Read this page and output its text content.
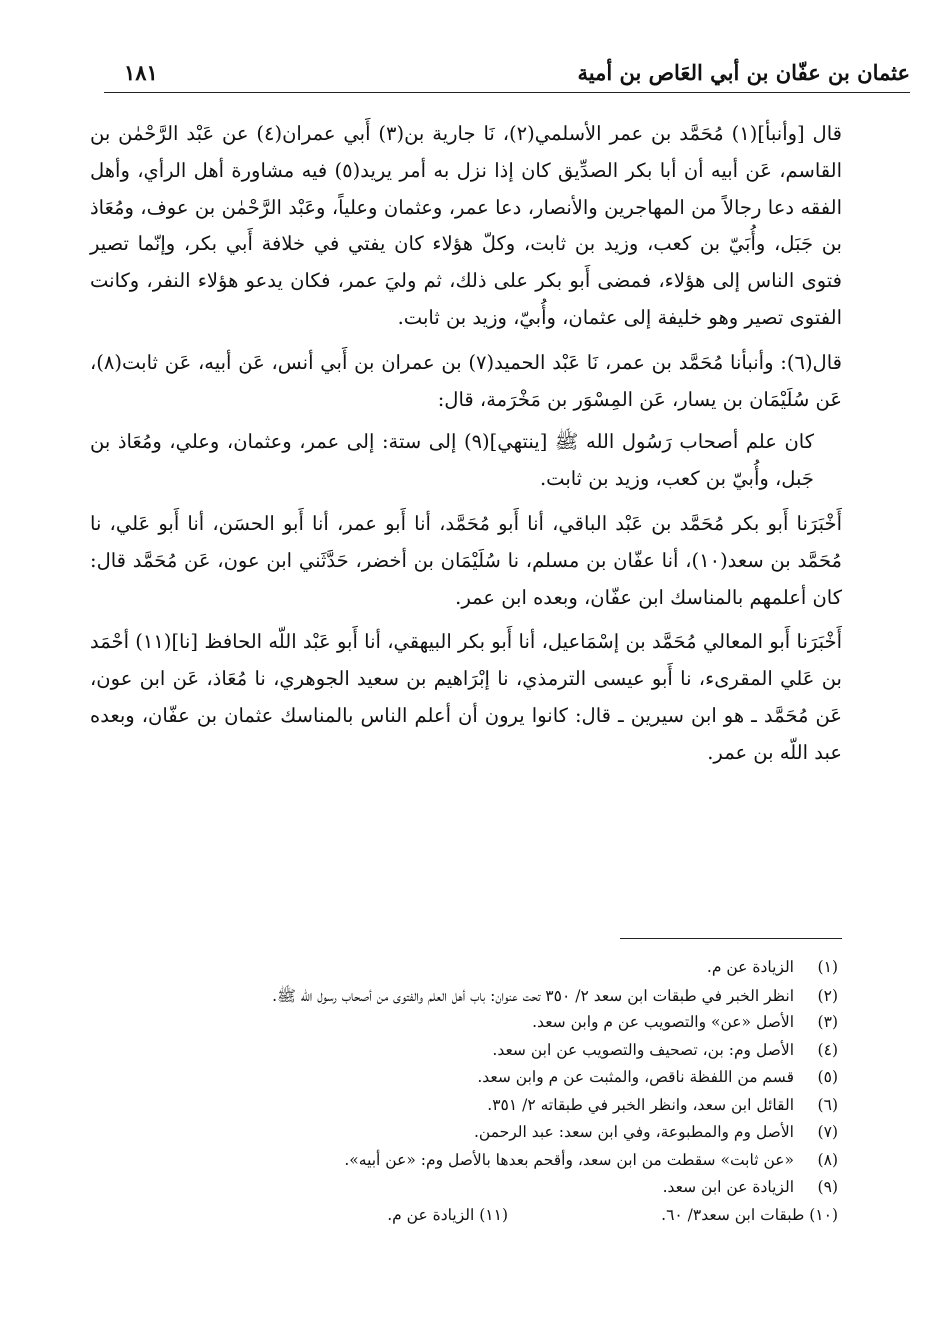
عثمان بن عفّان بن أبي العَاص بن أمية
١٨١

قال [وأنبأ](١) مُحَمَّد بن عمر الأسلمي(٢)، نَا جارية بن(٣) أَبي عمران(٤) عن عَبْد الرَّحْمٰن بن القاسم، عَن أبيه أن أبا بكر الصدِّيق كان إذا نزل به أمر يريد(٥) فيه مشاورة أهل الرأي، وأهل الفقه دعا رجالاً من المهاجرين والأنصار، دعا عمر، وعثمان وعلياً، وعَبْد الرَّحْمٰن بن عوف، ومُعَاذ بن جَبَل، وأُبَيّ بن كعب، وزيد بن ثابت، وكلّ هؤلاء كان يفتي في خلافة أَبي بكر، وإنّما تصير فتوى الناس إلى هؤلاء، فمضى أَبو بكر على ذلك، ثم وليَ عمر، فكان يدعو هؤلاء النفر، وكانت الفتوى تصير وهو خليفة إلى عثمان، وأُبيّ، وزيد بن ثابت.

قال(٦): وأنبأنا مُحَمَّد بن عمر، نَا عَبْد الحميد(٧) بن عمران بن أَبي أنس، عَن أبيه، عَن ثابت(٨)، عَن سُلَيْمَان بن يسار، عَن المِسْوَر بن مَخْرَمة، قال:

كان علم أصحاب رَسُول الله ﷺ [ينتهي](٩) إلى ستة: إلى عمر، وعثمان، وعلي، ومُعَاذ بن جَبل، وأُبيّ بن كعب، وزيد بن ثابت.

أَخْبَرَنا أَبو بكر مُحَمَّد بن عَبْد الباقي، أنا أَبو مُحَمَّد، أنا أَبو عمر، أنا أَبو الحسَن، أنا أَبو عَلي، نا مُحَمَّد بن سعد(١٠)، أنا عفّان بن مسلم، نا سُلَيْمَان بن أخضر، حَدَّثَني ابن عون، عَن مُحَمَّد قال: كان أعلمهم بالمناسك ابن عفّان، وبعده ابن عمر.

أَخْبَرَنا أَبو المعالي مُحَمَّد بن إسْمَاعيل، أنا أَبو بكر البيهقي، أنا أَبو عَبْد اللّه الحافظ [نا](١١) أحْمَد بن عَلي المقرىء، نا أَبو عيسى الترمذي، نا إبْرَاهيم بن سعيد الجوهري، نا مُعَاذ، عَن ابن عون، عَن مُحَمَّد ـ هو ابن سيرين ـ قال: كانوا يرون أن أعلم الناس بالمناسك عثمان بن عفّان، وبعده عبد اللّه بن عمر.

(١)
الزيادة عن م.
(٢)
انظر الخبر في طبقات ابن سعد ٢/ ٣٥٠ تحت عنوان: باب أهل العلم والفتوى من أصحاب رسول الله ﷺ.
(٣)
الأصل «عن» والتصويب عن م وابن سعد.
(٤)
الأصل وم: بن، تصحيف والتصويب عن ابن سعد.
(٥)
قسم من اللفظة ناقص، والمثبت عن م وابن سعد.
(٦)
القائل ابن سعد، وانظر الخبر في طبقاته ٢/ ٣٥١.
(٧)
الأصل وم والمطبوعة، وفي ابن سعد: عبد الرحمن.
(٨)
«عن ثابت» سقطت من ابن سعد، وأقحم بعدها بالأصل وم: «عن أبيه».
(٩)
الزيادة عن ابن سعد.
(١٠) طبقات ابن سعد٣/ ٦٠.
(١١) الزيادة عن م.
